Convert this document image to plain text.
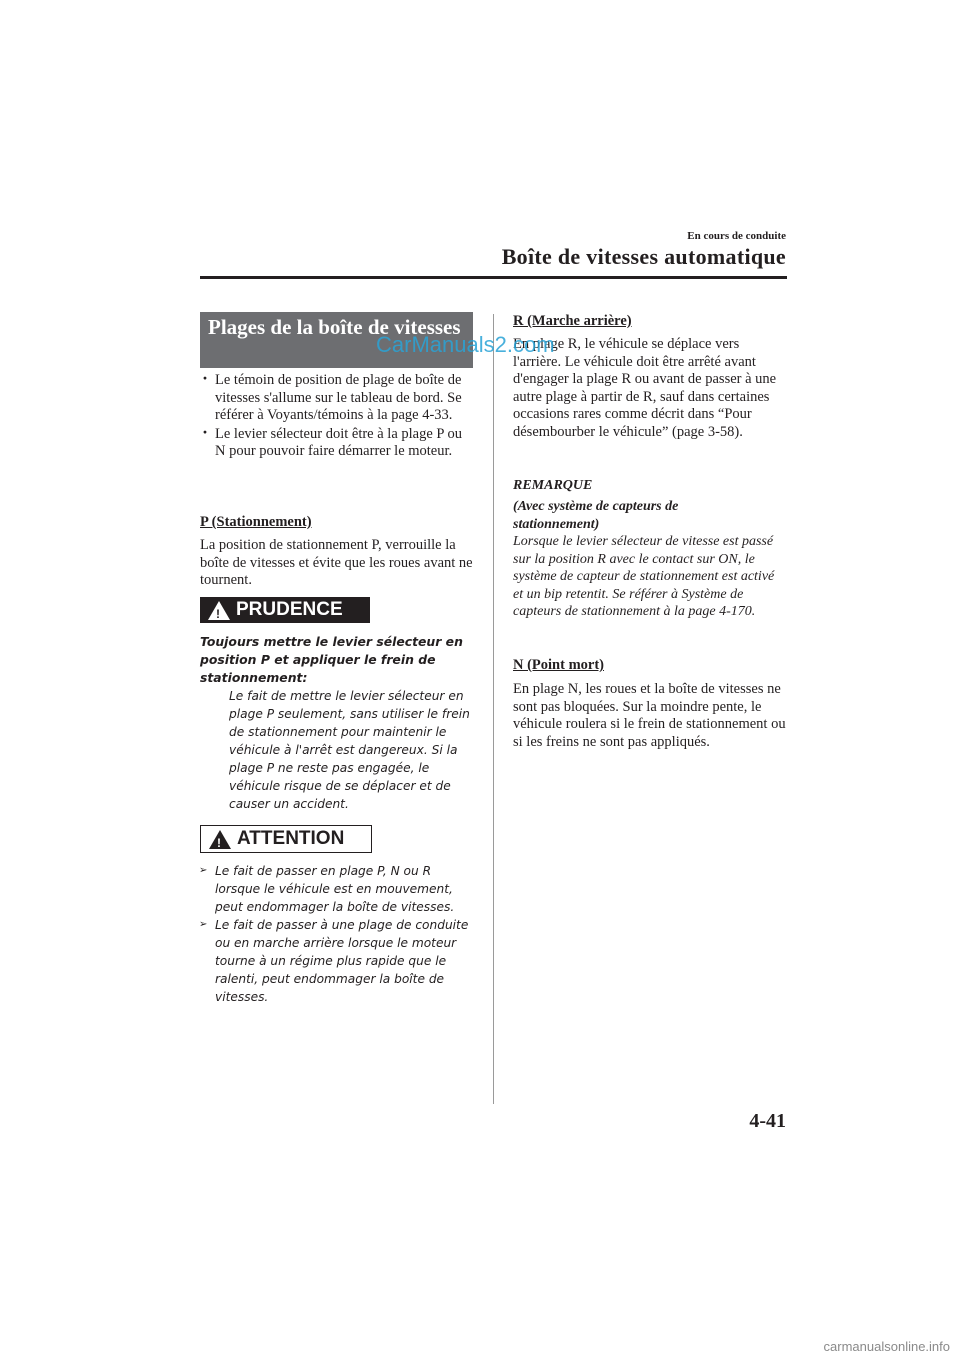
En cours de conduite
Boîte de vitesses automatique
Plages de la boîte de vitesses
· Le témoin de position de plage de boîte de vitesses s'allume sur le tableau de bord. Se référer à Voyants/témoins à la page 4-33.
· Le levier sélecteur doit être à la plage P ou N pour pouvoir faire démarrer le moteur.
P (Stationnement)
La position de stationnement P, verrouille la boîte de vitesses et évite que les roues avant ne tournent.
! PRUDENCE
Toujours mettre le levier sélecteur en position P et appliquer le frein de stationnement:
Le fait de mettre le levier sélecteur en plage P seulement, sans utiliser le frein de stationnement pour maintenir le véhicule à l'arrêt est dangereux. Si la plage P ne reste pas engagée, le véhicule risque de se déplacer et de causer un accident.
! ATTENTION
➢ Le fait de passer en plage P, N ou R lorsque le véhicule est en mouvement, peut endommager la boîte de vitesses.
➢ Le fait de passer à une plage de conduite ou en marche arrière lorsque le moteur tourne à un régime plus rapide que le ralenti, peut endommager la boîte de vitesses.
R (Marche arrière)
En plage R, le véhicule se déplace vers l'arrière. Le véhicule doit être arrêté avant d'engager la plage R ou avant de passer à une autre plage à partir de R, sauf dans certaines occasions rares comme décrit dans “Pour désembourber le véhicule” (page 3-58).
REMARQUE
(Avec système de capteurs de stationnement)
Lorsque le levier sélecteur de vitesse est passé sur la position R avec le contact sur ON, le système de capteur de stationnement est activé et un bip retentit. Se référer à Système de capteurs de stationnement à la page 4-170.
N (Point mort)
En plage N, les roues et la boîte de vitesses ne sont pas bloquées. Sur la moindre pente, le véhicule roulera si le frein de stationnement ou si les freins ne sont pas appliqués.
CarManuals2.com
4-41
carmanualsonline.info
